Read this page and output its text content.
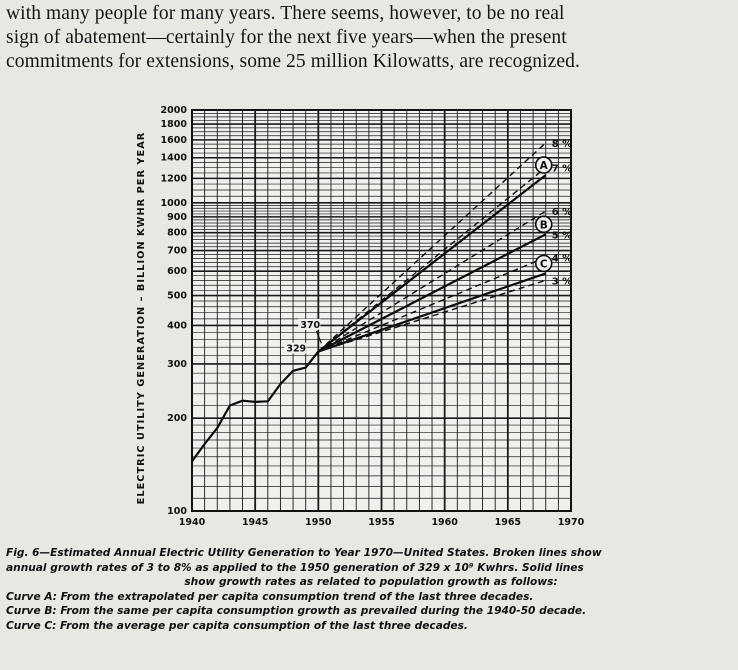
with many people for many years. There seems, however, to be no real
sign of abatement—certainly for the next five years—when the present
commitments for extensions, some 25 million Kilowatts, are recognized.
2000
1800
1600
1400
1200
1000
900
800
700
600
500
400
300
200
100
1940	1945	1950	1955	1960	1965	1970
8 %
7 %
6 %
5 %
4 %
3 %
A
B
C
370
329
ELECTRIC UTILITY GENERATION – BILLION KWHR PER YEAR
Fig. 6—Estimated Annual Electric Utility Generation to Year 1970—United States. Broken lines show
annual growth rates of 3 to 8% as applied to the 1950 generation of 329 x 10⁹ Kwhrs. Solid lines
show growth rates as related to population growth as follows:
Curve A: From the extrapolated per capita consumption trend of the last three decades.
Curve B: From the same per capita consumption growth as prevailed during the 1940-50 decade.
Curve C: From the average per capita consumption of the last three decades.
